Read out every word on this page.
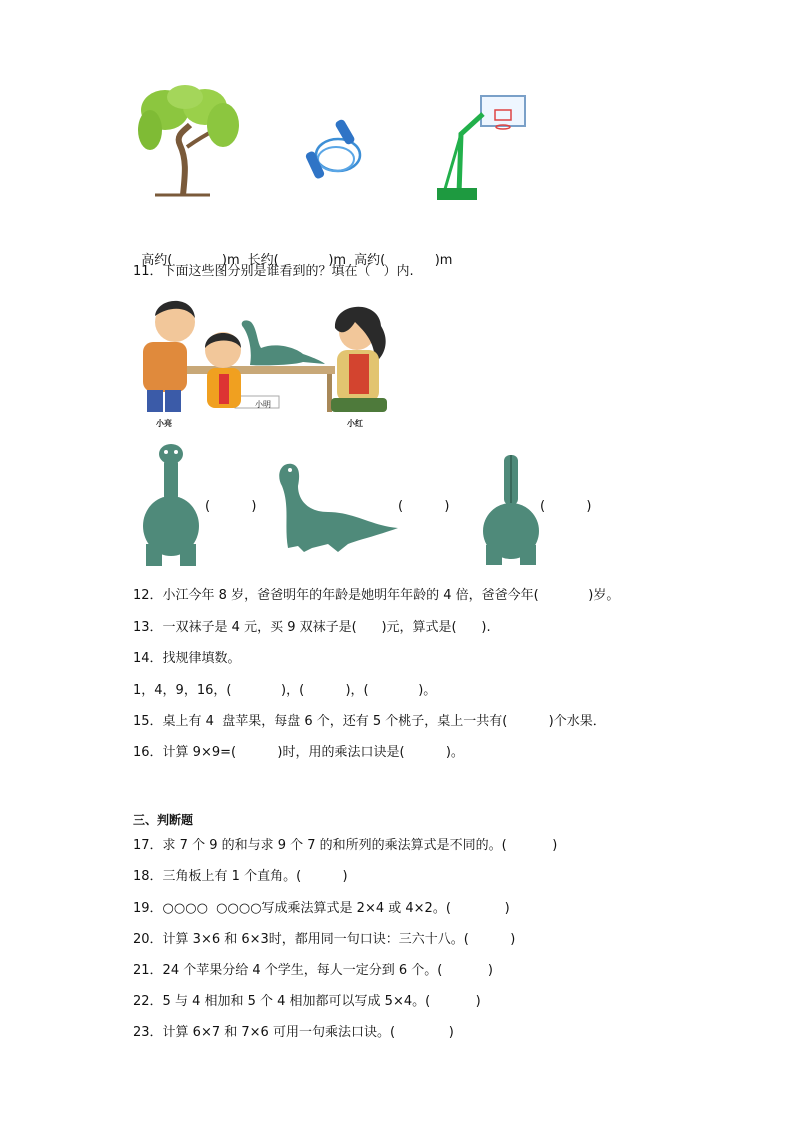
高约(            )m 长约(            )m 高约(            )m

11．下面这些图分别是谁看到的？填在（　）内.
小亮	小红
小明
(          )	(          )	(          )
12．小江今年 8 岁，爸爸明年的年龄是她明年年龄的 4 倍，爸爸今年(            )岁。
13．一双袜子是 4 元，买 9 双袜子是(      )元，算式是(      ).
14．找规律填数。
1，4，9，16，(            )，(          )，(            )。
15．桌上有 4  盘苹果，每盘 6 个，还有 5 个桃子，桌上一共有(          )个水果．
16．计算 9×9=(          )时，用的乘法口诀是(          )。
三、判断题
17．求 7 个 9 的和与求 9 个 7 的和所列的乘法算式是不同的。(           )
18．三角板上有 1 个直角。(          )
19．○○○○  ○○○○写成乘法算式是 2×4 或 4×2。(             )
20．计算 3×6 和 6×3时，都用同一句口诀：三六十八。(          )
21．24 个苹果分给 4 个学生，每人一定分到 6 个。(           )
22．5 与 4 相加和 5 个 4 相加都可以写成 5×4。(           )
23．计算 6×7 和 7×6 可用一句乘法口诀。(             )
